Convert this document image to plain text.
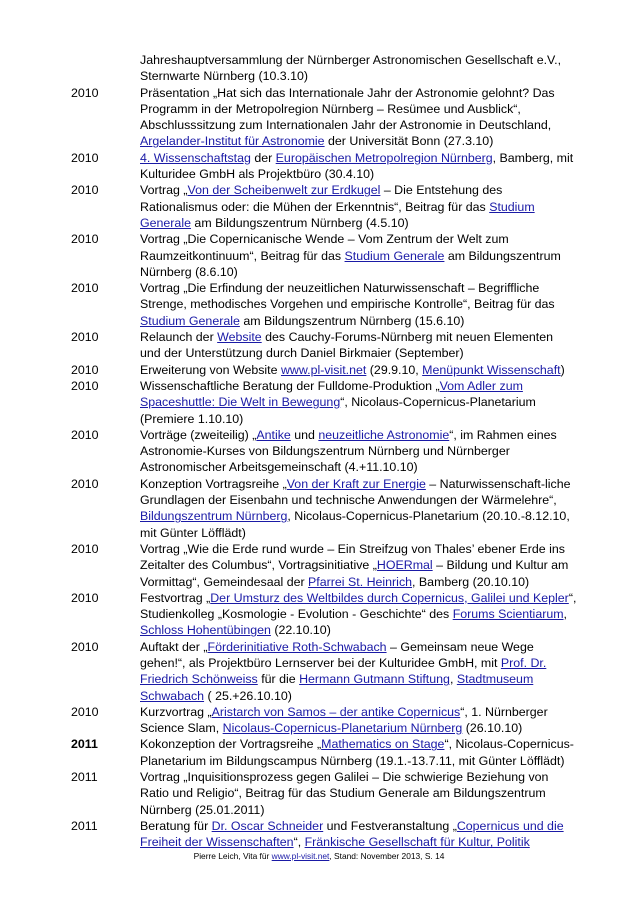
Jahreshauptversammlung der Nürnberger Astronomischen Gesellschaft e.V., Sternwarte Nürnberg (10.3.10)
2010	Präsentation „Hat sich das Internationale Jahr der Astronomie gelohnt? Das Programm in der Metropolregion Nürnberg – Resümee und Ausblick“, Abschlusssitzung zum Internationalen Jahr der Astronomie in Deutschland, Argelander-Institut für Astronomie der Universität Bonn (27.3.10)
2010	4. Wissenschaftstag der Europäischen Metropolregion Nürnberg, Bamberg, mit Kulturidee GmbH als Projektbüro (30.4.10)
2010	Vortrag „Von der Scheibenwelt zur Erdkugel – Die Entstehung des Rationalismus oder: die Mühen der Erkenntnis“, Beitrag für das Studium Generale am Bildungszentrum Nürnberg (4.5.10)
2010	Vortrag „Die Copernicanische Wende – Vom Zentrum der Welt zum Raumzeitkontinuum“, Beitrag für das Studium Generale am Bildungszentrum Nürnberg (8.6.10)
2010	Vortrag „Die Erfindung der neuzeitlichen Naturwissenschaft – Begriffliche Strenge, methodisches Vorgehen und empirische Kontrolle“, Beitrag für das Studium Generale am Bildungszentrum Nürnberg (15.6.10)
2010	Relaunch der Website des Cauchy-Forums-Nürnberg mit neuen Elementen und der Unterstützung durch Daniel Birkmaier (September)
2010	Erweiterung von Website www.pl-visit.net (29.9.10, Menüpunkt Wissenschaft)
2010	Wissenschaftliche Beratung der Fulldome-Produktion „Vom Adler zum Spaceshuttle: Die Welt in Bewegung“, Nicolaus-Copernicus-Planetarium (Premiere 1.10.10)
2010	Vorträge (zweiteilig) „Antike und neuzeitliche Astronomie“, im Rahmen eines Astronomie-Kurses von Bildungszentrum Nürnberg und Nürnberger Astronomischer Arbeitsgemeinschaft (4.+11.10.10)
2010	Konzeption Vortragsreihe „Von der Kraft zur Energie – Naturwissenschaft-liche Grundlagen der Eisenbahn und technische Anwendungen der Wärmelehre“, Bildungszentrum Nürnberg, Nicolaus-Copernicus-Planetarium (20.10.-8.12.10, mit Günter Löfflädt)
2010	Vortrag „Wie die Erde rund wurde – Ein Streifzug von Thales’ ebener Erde ins Zeitalter des Columbus“, Vortragsinitiative „HOERmal – Bildung und Kultur am Vormittag“, Gemeindesaal der Pfarrei St. Heinrich, Bamberg (20.10.10)
2010	Festvortrag „Der Umsturz des Weltbildes durch Copernicus, Galilei und Kepler“, Studienkolleg „Kosmologie - Evolution - Geschichte“ des Forums Scientiarum, Schloss Hohentübingen (22.10.10)
2010	Auftakt der „Förderinitiative Roth-Schwabach – Gemeinsam neue Wege gehen!“, als Projektbüro Lernserver bei der Kulturidee GmbH, mit Prof. Dr. Friedrich Schönweiss für die Hermann Gutmann Stiftung, Stadtmuseum Schwabach ( 25.+26.10.10)
2010	Kurzvortrag „Aristarch von Samos – der antike Copernicus“, 1. Nürnberger Science Slam, Nicolaus-Copernicus-Planetarium Nürnberg (26.10.10)
2011	Kokonzeption der Vortragsreihe „Mathematics on Stage“, Nicolaus-Copernicus-Planetarium im Bildungscampus Nürnberg (19.1.-13.7.11, mit Günter Löfflädt)
2011	Vortrag „Inquisitionsprozess gegen Galilei – Die schwierige Beziehung von Ratio und Religio“, Beitrag für das Studium Generale am Bildungszentrum Nürnberg (25.01.2011)
2011	Beratung für Dr. Oscar Schneider und Festveranstaltung „Copernicus und die Freiheit der Wissenschaften“, Fränkische Gesellschaft für Kultur, Politik
Pierre Leich, Vita für www.pl-visit.net, Stand: November 2013, S. 14
